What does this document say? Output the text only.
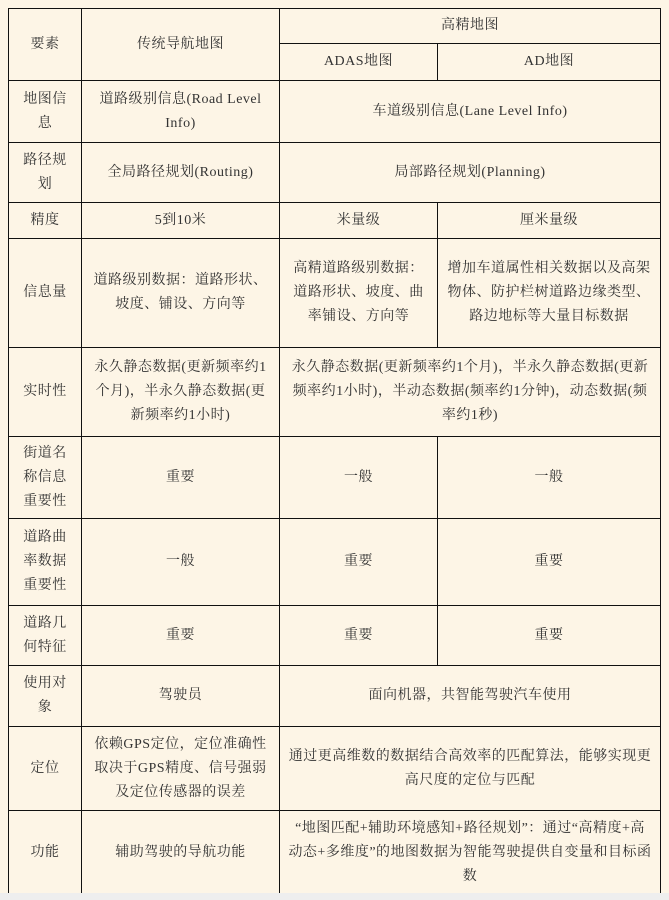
要素	传统导航地图	高精地图	
		ADAS地图	AD地图
地图信息	道路级别信息(Road Level Info)	车道级别信息(Lane Level Info)	
路径规划	全局路径规划(Routing)	局部路径规划(Planning)	
精度	5到10米	米量级	厘米量级
信息量	道路级别数据：道路形状、坡度、铺设、方向等	高精道路级别数据：道路形状、坡度、曲率铺设、方向等	增加车道属性相关数据以及高架物体、防护栏树道路边缘类型、路边地标等大量目标数据
实时性	永久静态数据(更新频率约1个月)，半永久静态数据(更新频率约1小时)	永久静态数据(更新频率约1个月)，半永久静态数据(更新频率约1小时)，半动态数据(频率约1分钟)，动态数据(频率约1秒)	
街道名称信息重要性	重要	一般	一般
道路曲率数据重要性	一般	重要	重要
道路几何特征	重要	重要	重要
使用对象	驾驶员	面向机器，共智能驾驶汽车使用	
定位	依赖GPS定位，定位准确性取决于GPS精度、信号强弱及定位传感器的误差	通过更高维数的数据结合高效率的匹配算法，能够实现更高尺度的定位与匹配	
功能	辅助驾驶的导航功能	“地图匹配+辅助环境感知+路径规划”：通过“高精度+高动态+多维度”的地图数据为智能驾驶提供自变量和目标函数	
